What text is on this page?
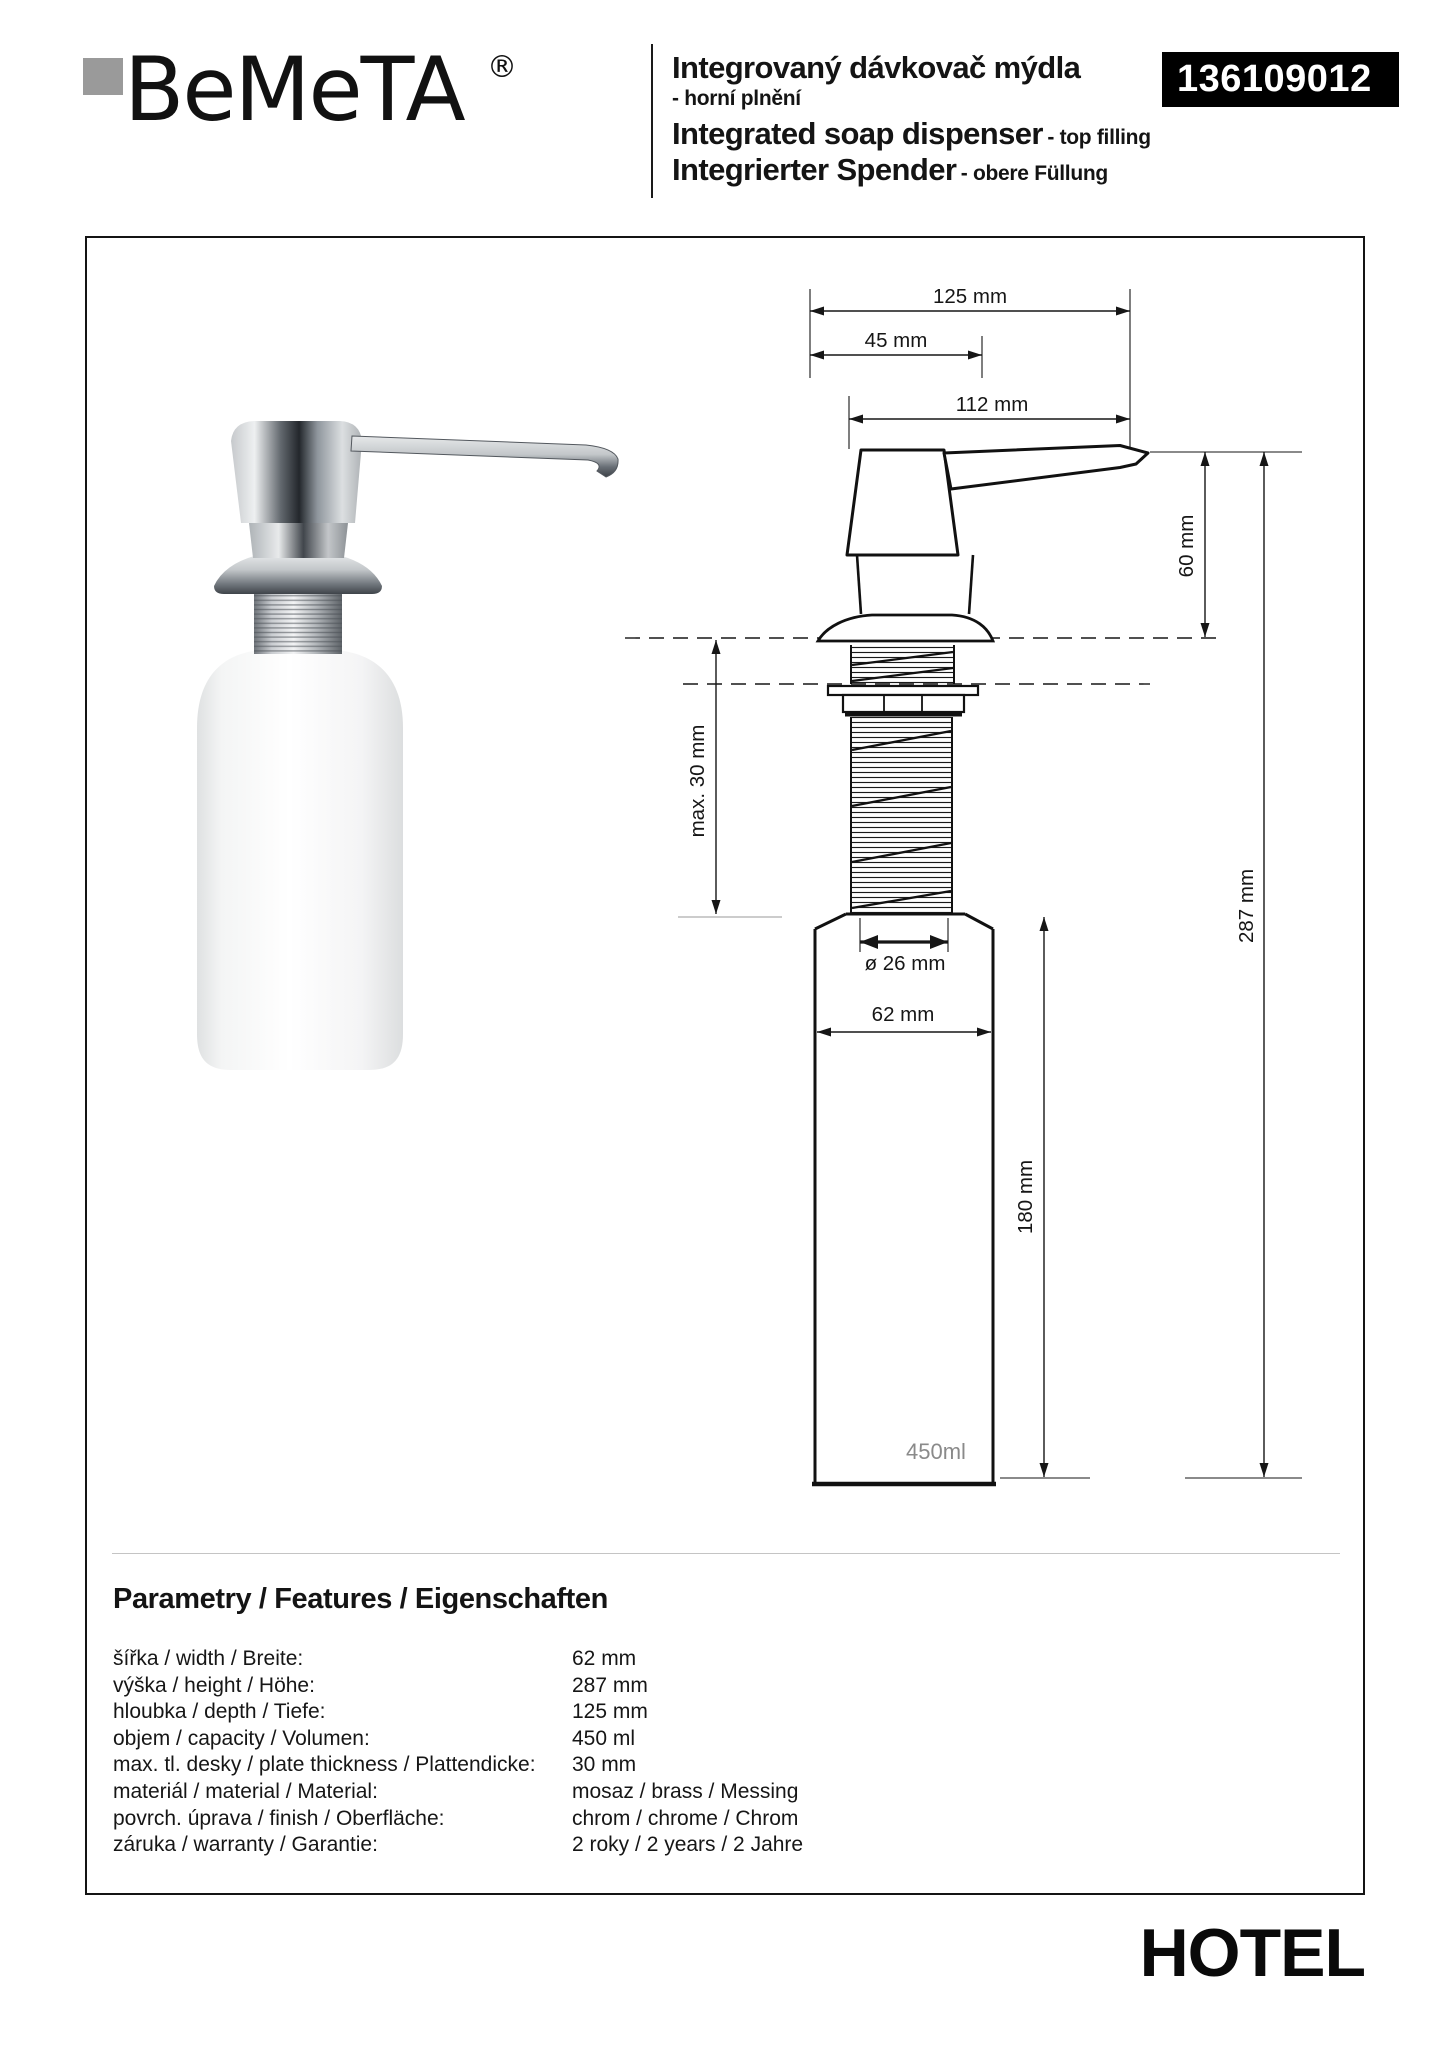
BeMeTA ®	Integrovaný dávkovač mýdla
- horní plnění
Integrated soap dispenser - top filling
Integrierter Spender - obere Füllung
136109012
125 mm
45 mm
112 mm
60 mm
287 mm
max. 30 mm
180 mm
ø 26 mm
62 mm
450ml
Parametry / Features / Eigenschaften
šířka / width / Breite:	62 mm
výška / height / Höhe:	287 mm
hloubka / depth / Tiefe:	125 mm
objem / capacity / Volumen:	450 ml
max. tl. desky / plate thickness / Plattendicke:	30 mm
materiál / material / Material:	mosaz / brass / Messing
povrch. úprava / finish / Oberfläche:	chrom / chrome / Chrom
záruka / warranty / Garantie:	2 roky / 2 years / 2 Jahre
HOTEL
